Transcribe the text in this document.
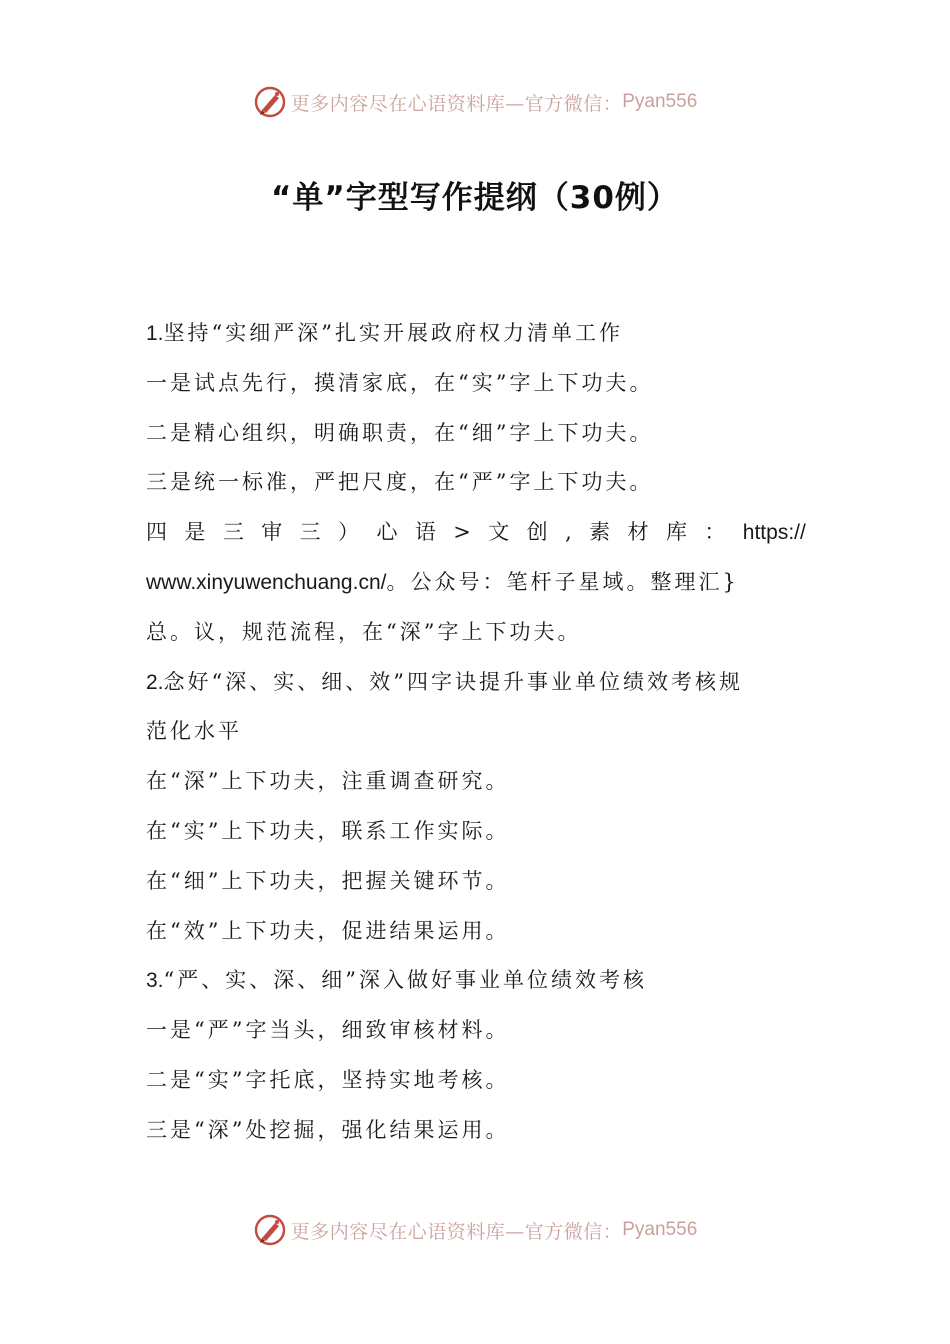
更多内容尽在心语资料库—官方微信： Pyan556
“单”字型写作提纲（30例）
1.坚持“实细严深”扎实开展政府权力清单工作
一是试点先行，摸清家底，在“实”字上下功夫。
二是精心组织，明确职责，在“细”字上下功夫。
三是统一标准，严把尺度，在“严”字上下功夫。
四 是 三 审 三 ） 心 语 > 文 创 , 素 材 库 ： https://
www.xinyuwenchuang.cn/。公众号：笔杆子星域。整理汇}
总。议，规范流程，在“深”字上下功夫。
2.念好“深、实、细、效”四字诀提升事业单位绩效考核规
范化水平
在“深”上下功夫，注重调查研究。
在“实”上下功夫，联系工作实际。
在“细”上下功夫，把握关键环节。
在“效”上下功夫，促进结果运用。
3.“严、实、深、细”深入做好事业单位绩效考核
一是“严”字当头，细致审核材料。
二是“实”字托底，坚持实地考核。
三是“深”处挖掘，强化结果运用。
更多内容尽在心语资料库—官方微信： Pyan556
